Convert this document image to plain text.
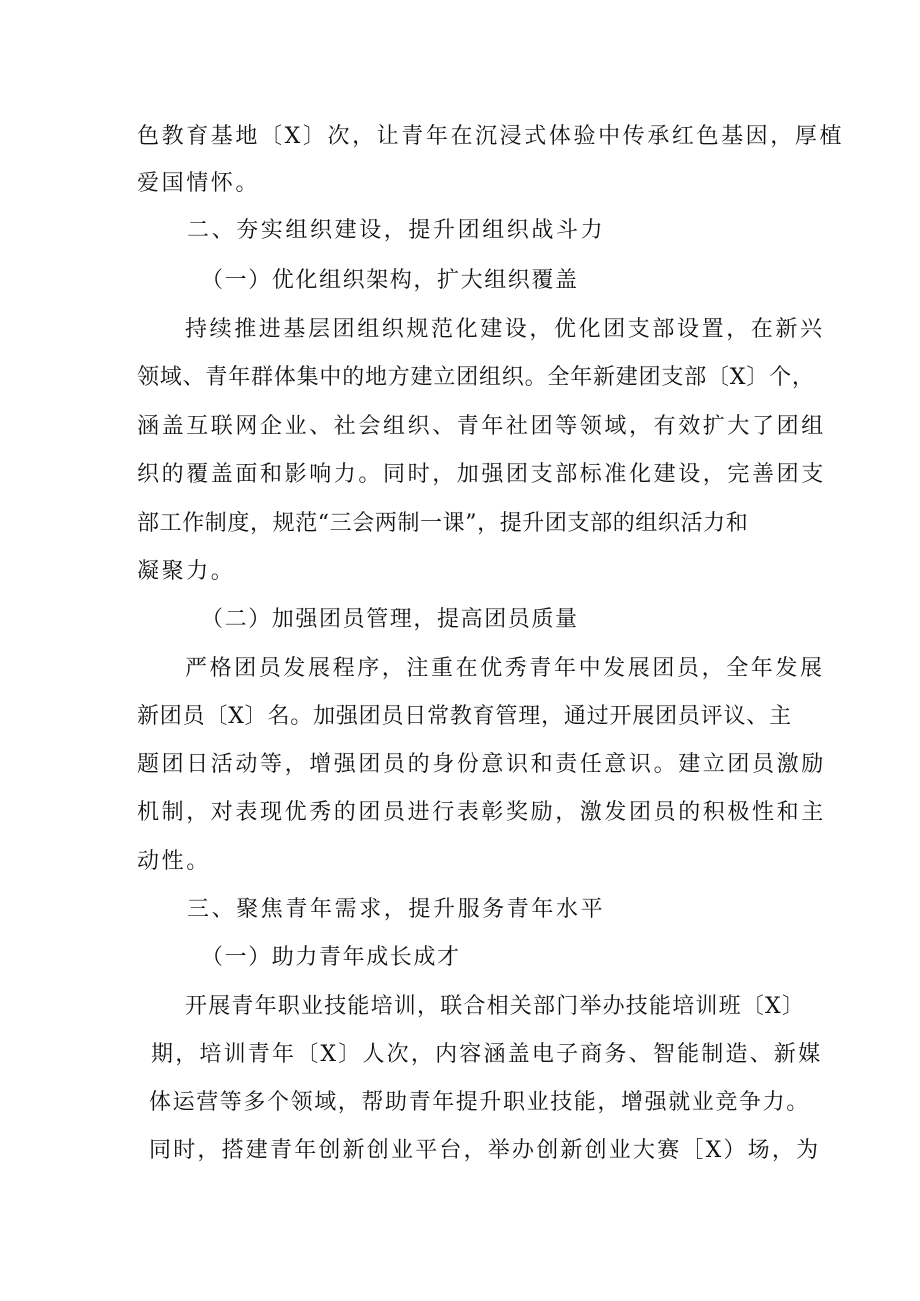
色教育基地〔X〕次，让青年在沉浸式体验中传承红色基因，厚植

爱国情怀。

二、夯实组织建设，提升团组织战斗力

（一）优化组织架构，扩大组织覆盖

持续推进基层团组织规范化建设，优化团支部设置，在新兴

领域、青年群体集中的地方建立团组织。全年新建团支部〔X〕个，

涵盖互联网企业、社会组织、青年社团等领域，有效扩大了团组

织的覆盖面和影响力。同时，加强团支部标准化建设，完善团支

部工作制度，规范“三会两制一课”，提升团支部的组织活力和

凝聚力。

（二）加强团员管理，提高团员质量

严格团员发展程序，注重在优秀青年中发展团员，全年发展

新团员〔X〕名。加强团员日常教育管理，通过开展团员评议、主

题团日活动等，增强团员的身份意识和责任意识。建立团员激励

机制，对表现优秀的团员进行表彰奖励，激发团员的积极性和主

动性。

三、聚焦青年需求，提升服务青年水平

（一）助力青年成长成才

开展青年职业技能培训，联合相关部门举办技能培训班〔X〕

期，培训青年〔X〕人次，内容涵盖电子商务、智能制造、新媒

体运营等多个领域，帮助青年提升职业技能，增强就业竞争力。

同时，搭建青年创新创业平台，举办创新创业大赛［X）场，为
